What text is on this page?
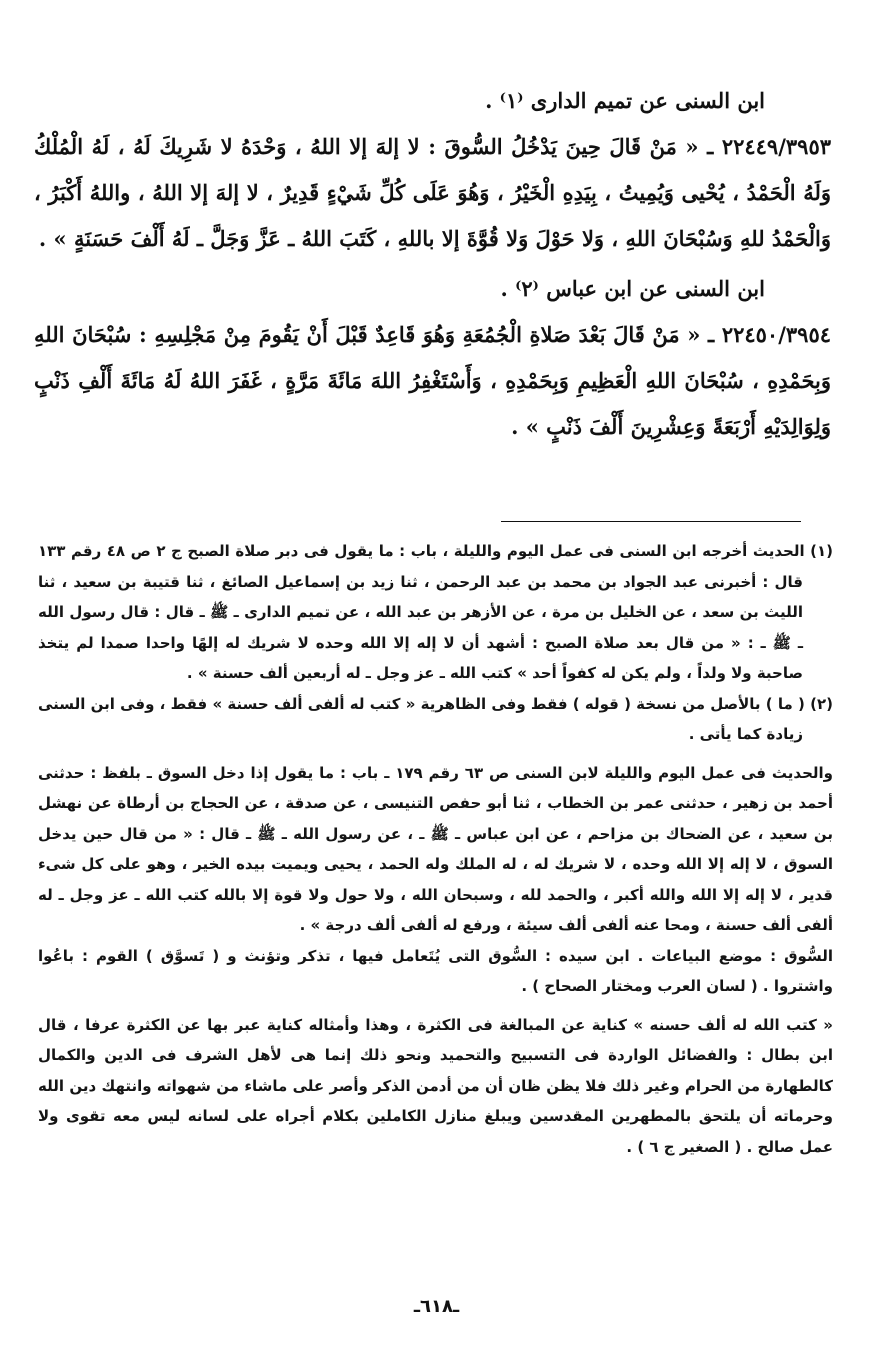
ابن السنى عن تميم الدارى ⁽١⁾ .

٢٢٤٤٩/٣٩٥٣ ـ « مَنْ قَالَ حِينَ يَدْخُلُ السُّوقَ : لا إلهَ إلا اللهُ ، وَحْدَهُ لا شَرِيكَ لَهُ ، لَهُ الْمُلْكُ وَلَهُ الْحَمْدُ ، يُحْيى وَيُمِيتُ ، بِيَدِهِ الْخَيْرُ ، وَهُوَ عَلَى كُلِّ شَيْءٍ قَدِيرٌ ، لا إلهَ إلا اللهُ ، واللهُ أَكْبَرُ ، وَالْحَمْدُ للهِ وَسُبْحَانَ اللهِ ، وَلا حَوْلَ وَلا قُوَّةَ إلا باللهِ ، كَتَبَ اللهُ ـ عَزَّ وَجَلَّ ـ لَهُ أَلْفَ حَسَنَةٍ » .

ابن السنى عن ابن عباس ⁽٢⁾ .

٢٢٤٥٠/٣٩٥٤ ـ « مَنْ قَالَ بَعْدَ صَلاةِ الْجُمُعَةِ وَهُوَ قَاعِدٌ قَبْلَ أَنْ يَقُومَ مِنْ مَجْلِسِهِ : سُبْحَانَ اللهِ وَبِحَمْدِهِ ، سُبْحَانَ اللهِ الْعَظِيمِ وَبِحَمْدِهِ ، وَأَسْتَغْفِرُ اللهَ مَائَةَ مَرَّةٍ ، غَفَرَ اللهُ لَهُ مَائَةَ أَلْفِ ذَنْبٍ وَلِوَالِدَيْهِ أَرْبَعَةً وَعِشْرِينَ أَلْفَ ذَنْبٍ » .

(١) الحديث أخرجه ابن السنى فى عمل اليوم والليلة ، باب : ما يقول فى دبر صلاة الصبح ج ٢ ص ٤٨ رقم ١٣٣ قال : أخبرنى عبد الجواد بن محمد بن عبد الرحمن ، ثنا زيد بن إسماعيل الصائغ ، ثنا قتيبة بن سعيد ، ثنا الليث بن سعد ، عن الخليل بن مرة ، عن الأزهر بن عبد الله ، عن تميم الدارى ـ ﷺ ـ قال : قال رسول الله ـ ﷺ ـ : « من قال بعد صلاة الصبح : أشهد أن لا إله إلا الله وحده لا شريك له إلهًا واحدا صمدا لم يتخذ صاحبة ولا ولداً ، ولم يكن له كفواً أحد » كتب الله ـ عز وجل ـ له أربعين ألف حسنة » .

(٢) ( ما ) بالأصل من نسخة ( قوله ) فقط وفى الظاهرية « كتب له ألفى ألف حسنة » فقط ، وفى ابن السنى زيادة كما يأتى .

والحديث فى عمل اليوم والليلة لابن السنى ص ٦٣ رقم ١٧٩ ـ باب : ما يقول إذا دخل السوق ـ بلفظ : حدثنى أحمد بن زهير ، حدثنى عمر بن الخطاب ، ثنا أبو حفص التنيسى ، عن صدقة ، عن الحجاج بن أرطاة عن نهشل بن سعيد ، عن الضحاك بن مزاحم ، عن ابن عباس ـ ﷺ ـ ، عن رسول الله ـ ﷺ ـ قال : « من قال حين يدخل السوق ، لا إله إلا الله وحده ، لا شريك له ، له الملك وله الحمد ، يحيى ويميت بيده الخير ، وهو على كل شىء قدير ، لا إله إلا الله والله أكبر ، والحمد لله ، وسبحان الله ، ولا حول ولا قوة إلا بالله كتب الله ـ عز وجل ـ له ألفى ألف حسنة ، ومحا عنه ألفى ألف سيئة ، ورفع له ألفى ألف درجة » .

السُّوق : موضع البياعات . ابن سيده : السُّوق التى يُتَعامل فيها ، تذكر وتؤنث و ( تَسوَّق ) القوم : باعُوا واشتروا . ( لسان العرب ومختار الصحاح ) .

« كتب الله له ألف حسنه » كناية عن المبالغة فى الكثرة ، وهذا وأمثاله كناية عبر بها عن الكثرة عرفا ، قال ابن بطال : والفضائل الواردة فى التسبيح والتحميد ونحو ذلك إنما هى لأهل الشرف فى الدين والكمال كالطهارة من الحرام وغير ذلك فلا يظن ظان أن من أدمن الذكر وأصر على ماشاء من شهواته وانتهك دين الله وحرماته أن يلتحق بالمطهرين المقدسين ويبلغ منازل الكاملين بكلام أجراه على لسانه ليس معه تقوى ولا عمل صالح . ( الصغير ج ٦ ) .

ـ٦١٨ـ
